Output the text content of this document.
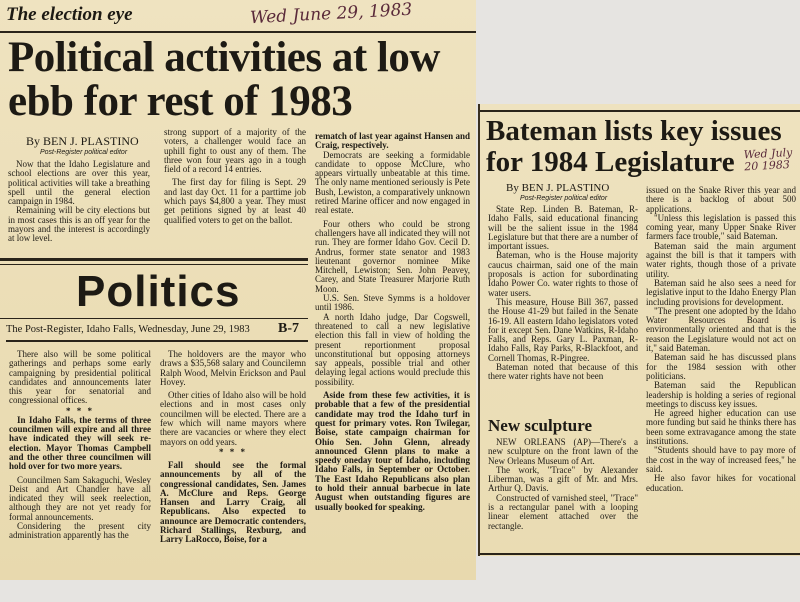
The election eye	Wed June 29, 1983
Political activities at low
ebb for rest of 1983
By BEN J. PLASTINO
Post-Register political editor

Now that the Idaho Legislature and school elections are over this year, political activities will take a breathing spell until the general election campaign in 1984.

Remaining will be city elections but in most cases this is an off year for the mayors and the interest is accordingly at low level.

strong support of a majority of the voters, a challenger would face an uphill fight to oust any of them. The three won four years ago in a tough field of a record 14 entries.

The first day for filing is Sept. 29 and last day Oct. 11 for a parttime job which pays $4,800 a year. They must get petitions signed by at least 40 qualified voters to get on the ballot.

Politics
The Post-Register, Idaho Falls, Wednesday, June 29, 1983 B-7

There also will be some political gatherings and perhaps some early campaigning by presidential political candidates and announcements later this year for senatorial and congressional offices.

* * *

In Idaho Falls, the terms of three councilmen will expire and all three have indicated they will seek re-election. Mayor Thomas Campbell and the other three councilmen will hold over for two more years.

Councilmen Sam Sakaguchi, Wesley Deist and Art Chandler have all indicated they will seek reelection, although they are not yet ready for formal announcements.

Considering the present city administration apparently has the

The holdovers are the mayor who draws a $35,568 salary and Councilemn Ralph Wood, Melvin Erickson and Paul Hovey.

Other cities of Idaho also will be hold elections and in most cases only councilmen will be elected. There are a few which will name mayors where there are vacancies or where they elect mayors on odd years.

* * *

Fall should see the formal announcements by all of the congressional candidates, Sen. James A. McClure and Reps. George Hansen and Larry Craig, all Republicans. Also expected to announce are Democratic contenders, Richard Stallings, Rexburg, and Larry LaRocco, Boise, for a

rematch of last year against Hansen and Craig, respectively.

Democrats are seeking a formidable candidate to oppose McClure, who appears virtually unbeatable at this time. The only name mentioned seriously is Pete Bush, Lewiston, a comparatively unknown retired Marine officer and now engaged in real estate.

Four others who could be strong challengers have all indicated they will not run. They are former Idaho Gov. Cecil D. Andrus, former state senator and 1983 lieutenant governor nominee Mike Mitchell, Lewiston; Sen. John Peavey, Carey, and State Treasurer Marjorie Ruth Moon.

U.S. Sen. Steve Symms is a holdover until 1986.

A north Idaho judge, Dar Cogswell, threatened to call a new legislative election this fall in view of holding the present reportionment proposal unconstitutional but opposing attorneys say appeals, possible trial and other delaying legal actions would preclude this possibility.

Aside from these few activities, it is probable that a few of the presidential candidate may trod the Idaho turf in quest for primary votes. Ron Twilegar, Boise, state campaign chairman for Ohio Sen. John Glenn, already announced Glenn plans to make a speedy oneday tour of Idaho, including Idaho Falls, in September or October. The East Idaho Republicans also plan to hold their annual barbecue in late August when outstanding figures are usually booked for speaking.

Bateman lists key issues
for 1984 Legislature Wed July 20 1983
By BEN J. PLASTINO
Post-Register political editor

State Rep. Linden B. Bateman, R-Idaho Falls, said educational financing will be the salient issue in the 1984 Legislature but that there are a number of important issues.

Bateman, who is the House majority caucus chairman, said one of the main proposals is action for subordinating Idaho Power Co. water rights to those of water users.

This measure, House Bill 367, passed the House 41-29 but failed in the Senate 16-19. All eastern Idaho legislators voted for it except Sen. Dane Watkins, R-Idaho Falls, and Reps. Gary L. Paxman, R-Idaho Falls, Ray Parks, R-Blackfoot, and Cornell Thomas, R-Pingree.

Bateman noted that because of this there water rights have not been

New sculpture

NEW ORLEANS (AP)—There's a new sculpture on the front lawn of the New Orleans Museum of Art.

The work, "Trace" by Alexander Liberman, was a gift of Mr. and Mrs. Arthur Q. Davis.

Constructed of varnished steel, "Trace" is a rectangular panel with a looping linear element attached over the rectangle.

issued on the Snake River this year and there is a backlog of about 500 applications.

"Unless this legislation is passed this coming year, many Upper Snake River farmers face trouble," said Bateman.

Bateman said the main argument against the bill is that it tampers with water rights, though those of a private utility.

Bateman said he also sees a need for legislative input to the Idaho Energy Plan including provisions for development.

"The present one adopted by the Idaho Water Resources Board is environmentally oriented and that is the reason the Legislature would not act on it," said Bateman.

Bateman said he has discussed plans for the 1984 session with other politicians.

Bateman said the Republican leadership is holding a series of regional meetings to discuss key issues.

He agreed higher education can use more funding but said he thinks there has been some extravagance among the state institutions.

"Students should have to pay more of the cost in the way of increased fees," he said.

He also favor hikes for vocational education.
